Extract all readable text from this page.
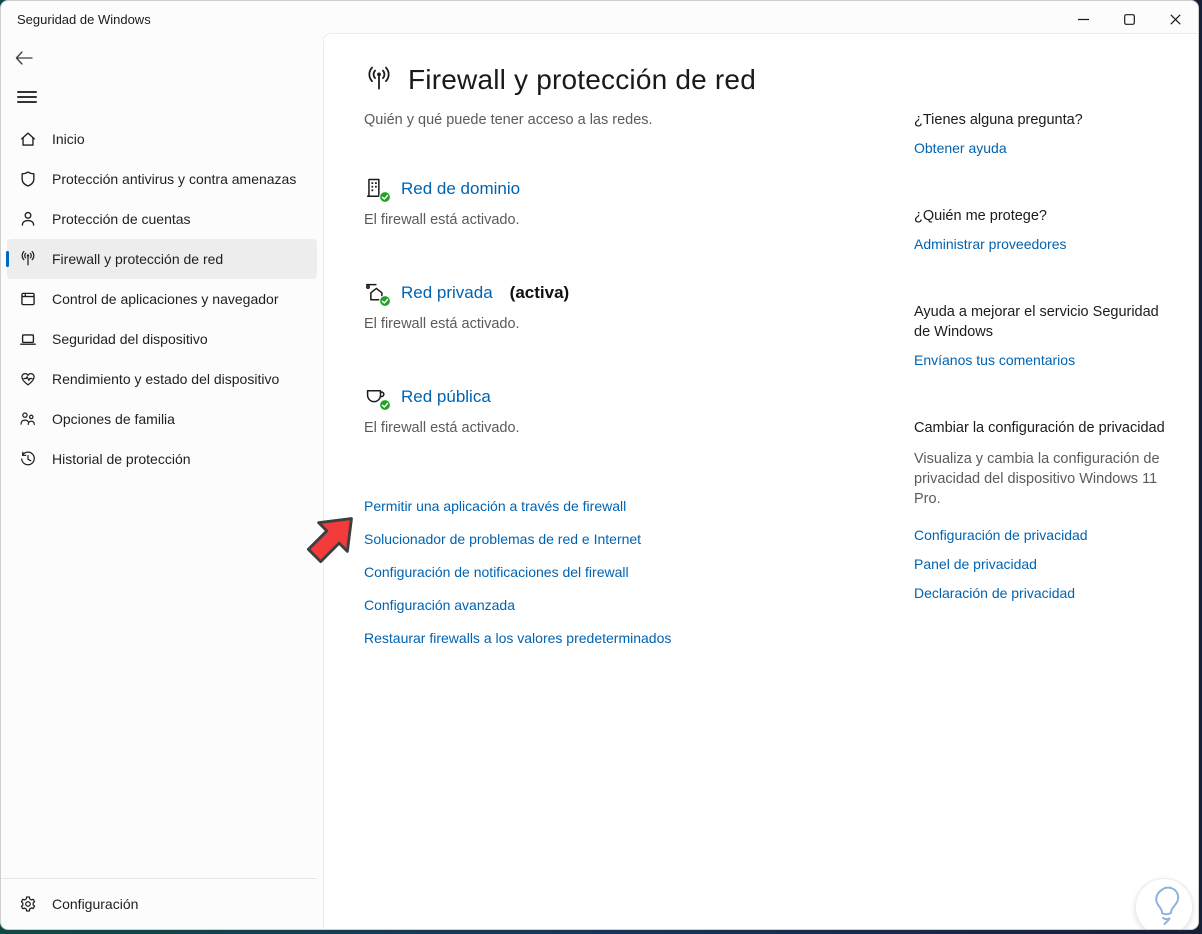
Seguridad de Windows
Inicio
Protección antivirus y contra amenazas
Protección de cuentas
Firewall y protección de red
Control de aplicaciones y navegador
Seguridad del dispositivo
Rendimiento y estado del dispositivo
Opciones de familia
Historial de protección
Configuración
Firewall y protección de red
Quién y qué puede tener acceso a las redes.
Red de dominio
El firewall está activado.
Red privada (activa)
El firewall está activado.
Red pública
El firewall está activado.
Permitir una aplicación a través de firewall
Solucionador de problemas de red e Internet
Configuración de notificaciones del firewall
Configuración avanzada
Restaurar firewalls a los valores predeterminados
¿Tienes alguna pregunta?
Obtener ayuda
¿Quién me protege?
Administrar proveedores
Ayuda a mejorar el servicio Seguridad de Windows
Envíanos tus comentarios
Cambiar la configuración de privacidad
Visualiza y cambia la configuración de privacidad del dispositivo Windows 11 Pro.
Configuración de privacidad
Panel de privacidad
Declaración de privacidad
